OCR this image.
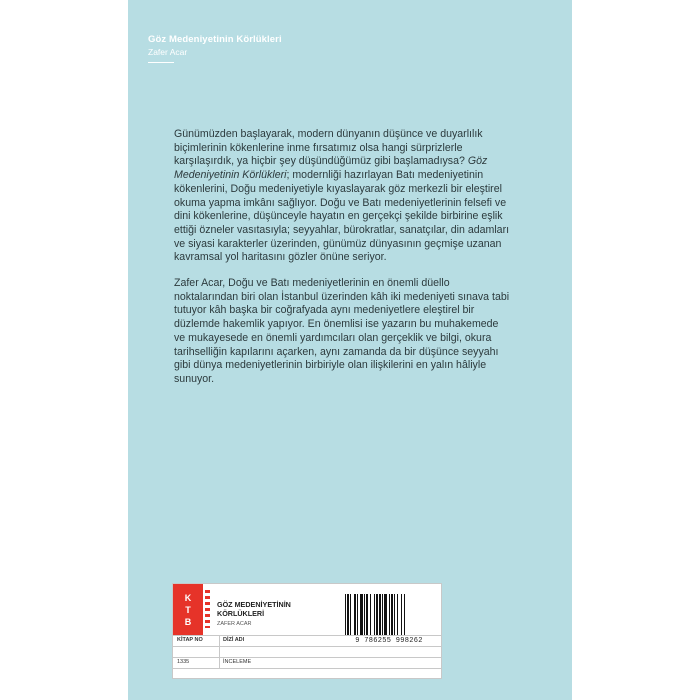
Göz Medeniyetinin Körlükleri
Zafer Acar

Günümüzden başlayarak, modern dünyanın düşünce ve duyarlılık biçimlerinin kökenlerine inme fırsatımız olsa hangi sürprizlerle karşılaşırdık, ya hiçbir şey düşündüğümüz gibi başlamadıysa? Göz Medeniyetinin Körlükleri; modernliği hazırlayan Batı medeniyetinin kökenlerini, Doğu medeniyetiyle kıyaslayarak göz merkezli bir eleştirel okuma yapma imkânı sağlıyor. Doğu ve Batı medeniyetlerinin felsefi ve dini kökenlerine, düşünceyle hayatın en gerçekçi şekilde birbirine eşlik ettiği özneler vasıtasıyla; seyyahlar, bürokratlar, sanatçılar, din adamları ve siyasi karakterler üzerinden, günümüz dünyasının geçmişe uzanan kavramsal yol haritasını gözler önüne seriyor.

Zafer Acar, Doğu ve Batı medeniyetlerinin en önemli düello noktalarından biri olan İstanbul üzerinden kâh iki medeniyeti sınava tabi tutuyor kâh başka bir coğrafyada aynı medeniyetlere eleştirel bir düzlemde hakemlik yapıyor. En önemlisi ise yazarın bu muhakemede ve mukayesede en önemli yardımcıları olan gerçeklik ve bilgi, okura tarihselliğin kapılarını açarken, aynı zamanda da bir düşünce seyyahı gibi dünya medeniyetlerinin birbiriyle olan ilişkilerini en yalın hâliyle sunuyor.

K
T
B
GÖZ MEDENİYETİNİN
KÖRLÜKLERİ
ZAFER ACAR
9 786255 998262
KİTAP NO	DİZİ ADI
1335	İNCELEME
